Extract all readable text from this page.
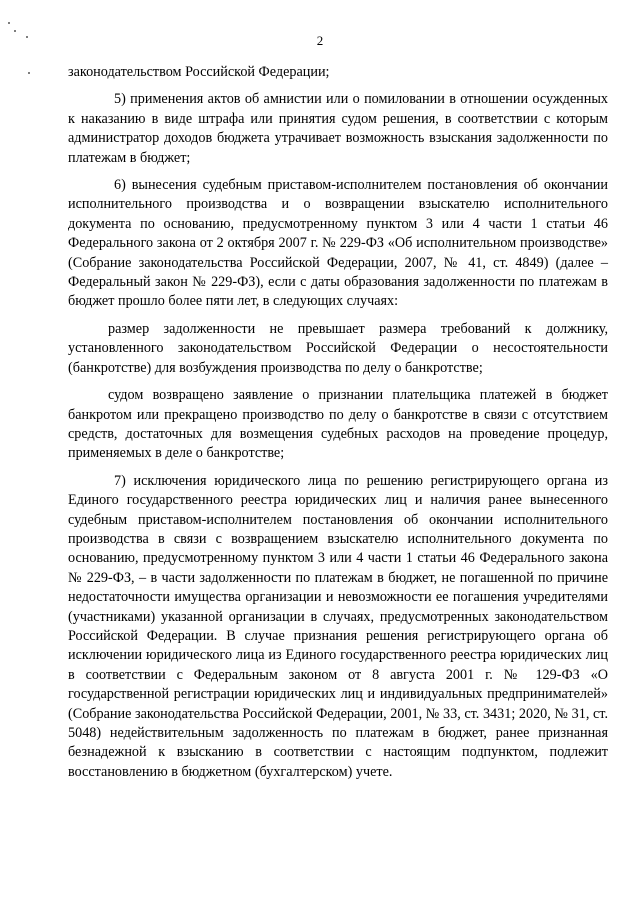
2

законодательством Российской Федерации;

5) применения актов об амнистии или о помиловании в отношении осужденных к наказанию в виде штрафа или принятия судом решения, в соответствии с которым администратор доходов бюджета утрачивает возможность взыскания задолженности по платежам в бюджет;

6) вынесения судебным приставом-исполнителем постановления об окончании исполнительного производства и о возвращении взыскателю исполнительного документа по основанию, предусмотренному пунктом 3 или 4 части 1 статьи 46 Федерального закона от 2 октября 2007 г. № 229-ФЗ «Об исполнительном производстве» (Собрание законодательства Российской Федерации, 2007, № 41, ст. 4849) (далее – Федеральный закон № 229-ФЗ), если с даты образования задолженности по платежам в бюджет прошло более пяти лет, в следующих случаях:

размер задолженности не превышает размера требований к должнику, установленного законодательством Российской Федерации о несостоятельности (банкротстве) для возбуждения производства по делу о банкротстве;

судом возвращено заявление о признании плательщика платежей в бюджет банкротом или прекращено производство по делу о банкротстве в связи с отсутствием средств, достаточных для возмещения судебных расходов на проведение процедур, применяемых в деле о банкротстве;

7) исключения юридического лица по решению регистрирующего органа из Единого государственного реестра юридических лиц и наличия ранее вынесенного судебным приставом-исполнителем постановления об окончании исполнительного производства в связи с возвращением взыскателю исполнительного документа по основанию, предусмотренному пунктом 3 или 4 части 1 статьи 46 Федерального закона № 229-ФЗ, – в части задолженности по платежам в бюджет, не погашенной по причине недостаточности имущества организации и невозможности ее погашения учредителями (участниками) указанной организации в случаях, предусмотренных законодательством Российской Федерации. В случае признания решения регистрирующего органа об исключении юридического лица из Единого государственного реестра юридических лиц в соответствии с Федеральным законом от 8 августа 2001 г. № 129-ФЗ «О государственной регистрации юридических лиц и индивидуальных предпринимателей» (Собрание законодательства Российской Федерации, 2001, № 33, ст. 3431; 2020, № 31, ст. 5048) недействительным задолженность по платежам в бюджет, ранее признанная безнадежной к взысканию в соответствии с настоящим подпунктом, подлежит восстановлению в бюджетном (бухгалтерском) учете.
